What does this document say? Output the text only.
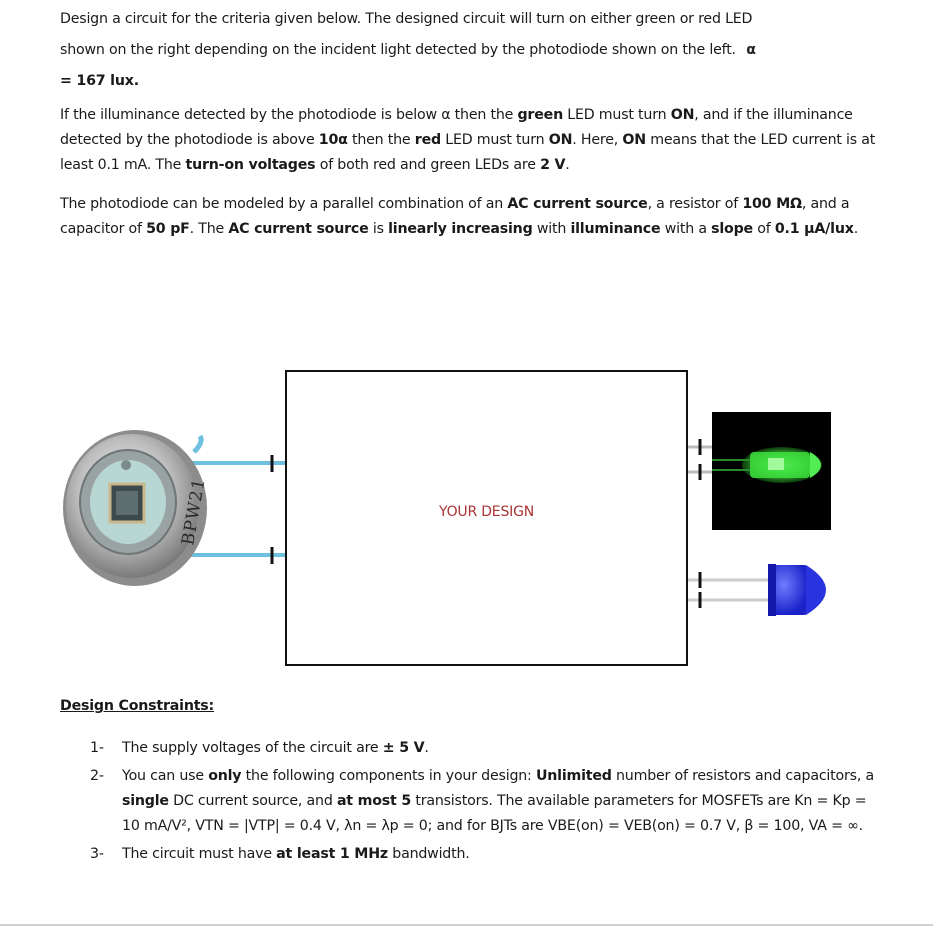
Design a circuit for the criteria given below. The designed circuit will turn on either green or red LED
shown on the right depending on the incident light detected by the photodiode shown on the left. α
= 167 lux.

If the illuminance detected by the photodiode is below α then the green LED must turn ON, and if the illuminance detected by the photodiode is above 10α then the red LED must turn ON. Here, ON means that the LED current is at least 0.1 mA. The turn-on voltages of both red and green LEDs are 2 V.

The photodiode can be modeled by a parallel combination of an AC current source, a resistor of 100 MΩ, and a capacitor of 50 pF. The AC current source is linearly increasing with illuminance with a slope of 0.1 μA/lux.

BPW21	YOUR DESIGN
Design Constraints:
1- The supply voltages of the circuit are ± 5 V.
2- You can use only the following components in your design: Unlimited number of resistors and capacitors, a single DC current source, and at most 5 transistors. The available parameters for MOSFETs are Kn = Kp = 10 mA/V², VTN = |VTP| = 0.4 V, λn = λp = 0; and for BJTs are VBE(on) = VEB(on) = 0.7 V, β = 100, VA = ∞.
3- The circuit must have at least 1 MHz bandwidth.
